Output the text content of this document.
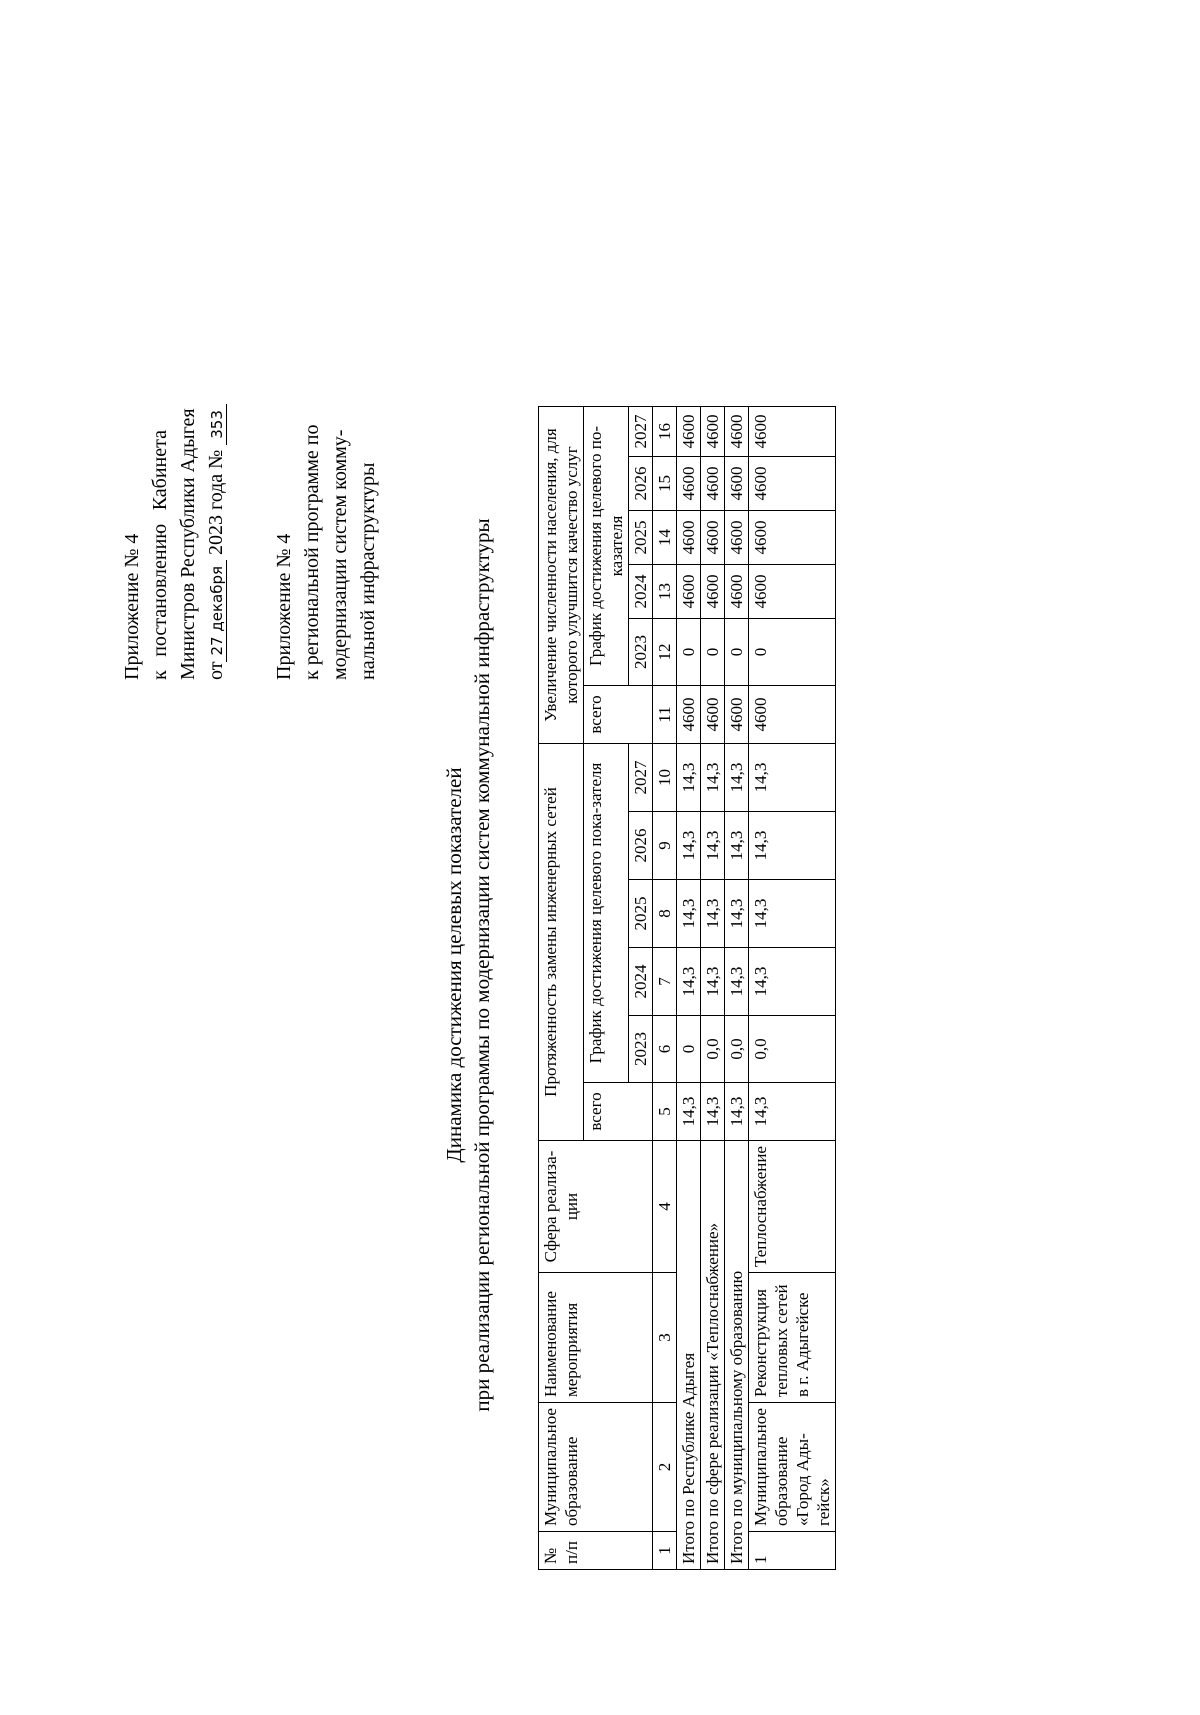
Приложение № 4 к
постановлению
Кабинета Министров Республики Адыгея от27 декабря 2023 года № 353
Приложение № 4 к региональной программе по модернизации систем комму- нальной инфраструктуры
Динамика достижения целевых показателей при реализации региональной программы по модернизации систем коммунальной инфраструктуры
№ п/п	Муниципальное образование	Наименование мероприятия	Сфера реализа-ции	Протяженность замены инженерных сетей						Увеличение численности населения, для которого улучшится качество услуг					
				всего	График достижения целевого пока-зателя					всего	График достижения целевого по-казателя				
					2023	2024	2025	2026	2027		2023	2024	2025	2026	2027
1	2	3	4	5	6	7	8	9	10	11	12	13	14	15	16
Итого по Республике Адыгея				14,3	0	14,3	14,3	14,3	14,3	4600	0	4600	4600	4600	4600
Итого по сфере реализации «Теплоснабжение»				14,3	0,0	14,3	14,3	14,3	14,3	4600	0	4600	4600	4600	4600
Итого по муниципальному образованию				14,3	0,0	14,3	14,3	14,3	14,3	4600	0	4600	4600	4600	4600
1	Муниципальное образование «Город Ады-гейск»	Реконструкция тепловых сетей в г. Адыгейске	Теплоснабжение	14,3	0,0	14,3	14,3	14,3	14,3	4600	0	4600	4600	4600	4600
